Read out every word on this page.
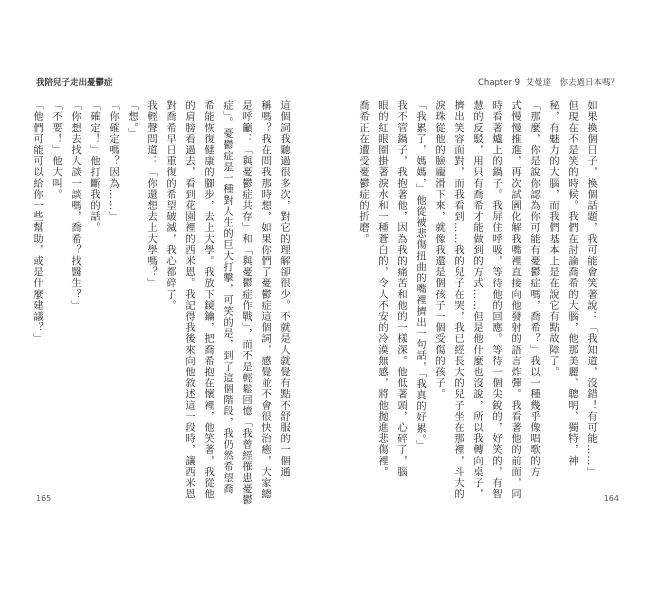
我陪兒子走出憂鬱症	Chapter 9  艾曼達　你去過日本嗎？
這個詞我聽過很多次，對它的理解卻很少。不就是人就覺有點不舒服的一個通
稱嗎？我在問我那時想，如果你們了憂鬱症這個詞，感覺並不會很快治癒，大家總
是呼籲：「與憂鬱症共存」和「與憂鬱症作戰」，而不是輕鬆回憶「我曾經罹患憂鬱
症」。憂鬱症是一種對人生的巨大打擊，可笑的是，到了這個階段，我仍然希望喬
希能恢復健康的腳步，去上大學。我放下鏡鑰，把喬希抱在懷裡，他笑著，我從他
的肩膀看過去，看到花園裡的西米恩。我記得我後來向他敘述這一段時，讓西米恩
對喬希早日重復的希望破滅，我心都碎了。
我輕聲問道：「你還想去上大學嗎？」
「想。」
「你確定嗎？因為……」
「確定！」他打斷我的話。
「你想去找人談一談嗎，喬希？找醫生？」
「不要！」他大叫。
「他們可能可以給你一些幫助，或是什麼建議？」	如果換個日子，換個話題，我可能會笑著說：「我知道，沒錯！有可能……」
但現在不是笑的時候。我們在討論喬希的大腦，他那美麗、聰明、獨特，神
秘，有魅力的大腦，而我們基本上是在說它有點故障了。
「那麼，你是說你認為你可能有憂鬱症嗎，喬希？」我以一種幾乎像唱歌的方
式慢慢推進，再次試圖化解我嘴裡直接向他發射的語言炸彈。我看著他的前面，同
時看著爐上的鍋子。我屏住呼吸，等待他的回應。等待一個尖銳的，好笑的，有智
慧的反駁，用只有喬希才能做到的方式……但是他什麼也沒說，所以我轉向桌子，
擠出笑容面對，而我看到……我的兒子在哭，我已經長大的兒子坐在那裡，斗大的
淚珠從他的臉龐滑下來，就像我還是個孩子一個受傷的孩子。
「我累了，媽媽，」他從被悲傷扭曲的嘴裡擠出一句話，「我真的好累。」
我不管鍋子，我抱著他，因為我的痛苦和他的一樣深。他低著頭，心碎了，腦
眼的紅眼圈掛著淚水和一種蒼白的，令人不安的冷漠無感，將他拋進悲傷裡。
喬希正在遭受憂鬱症的折磨。
165	164
